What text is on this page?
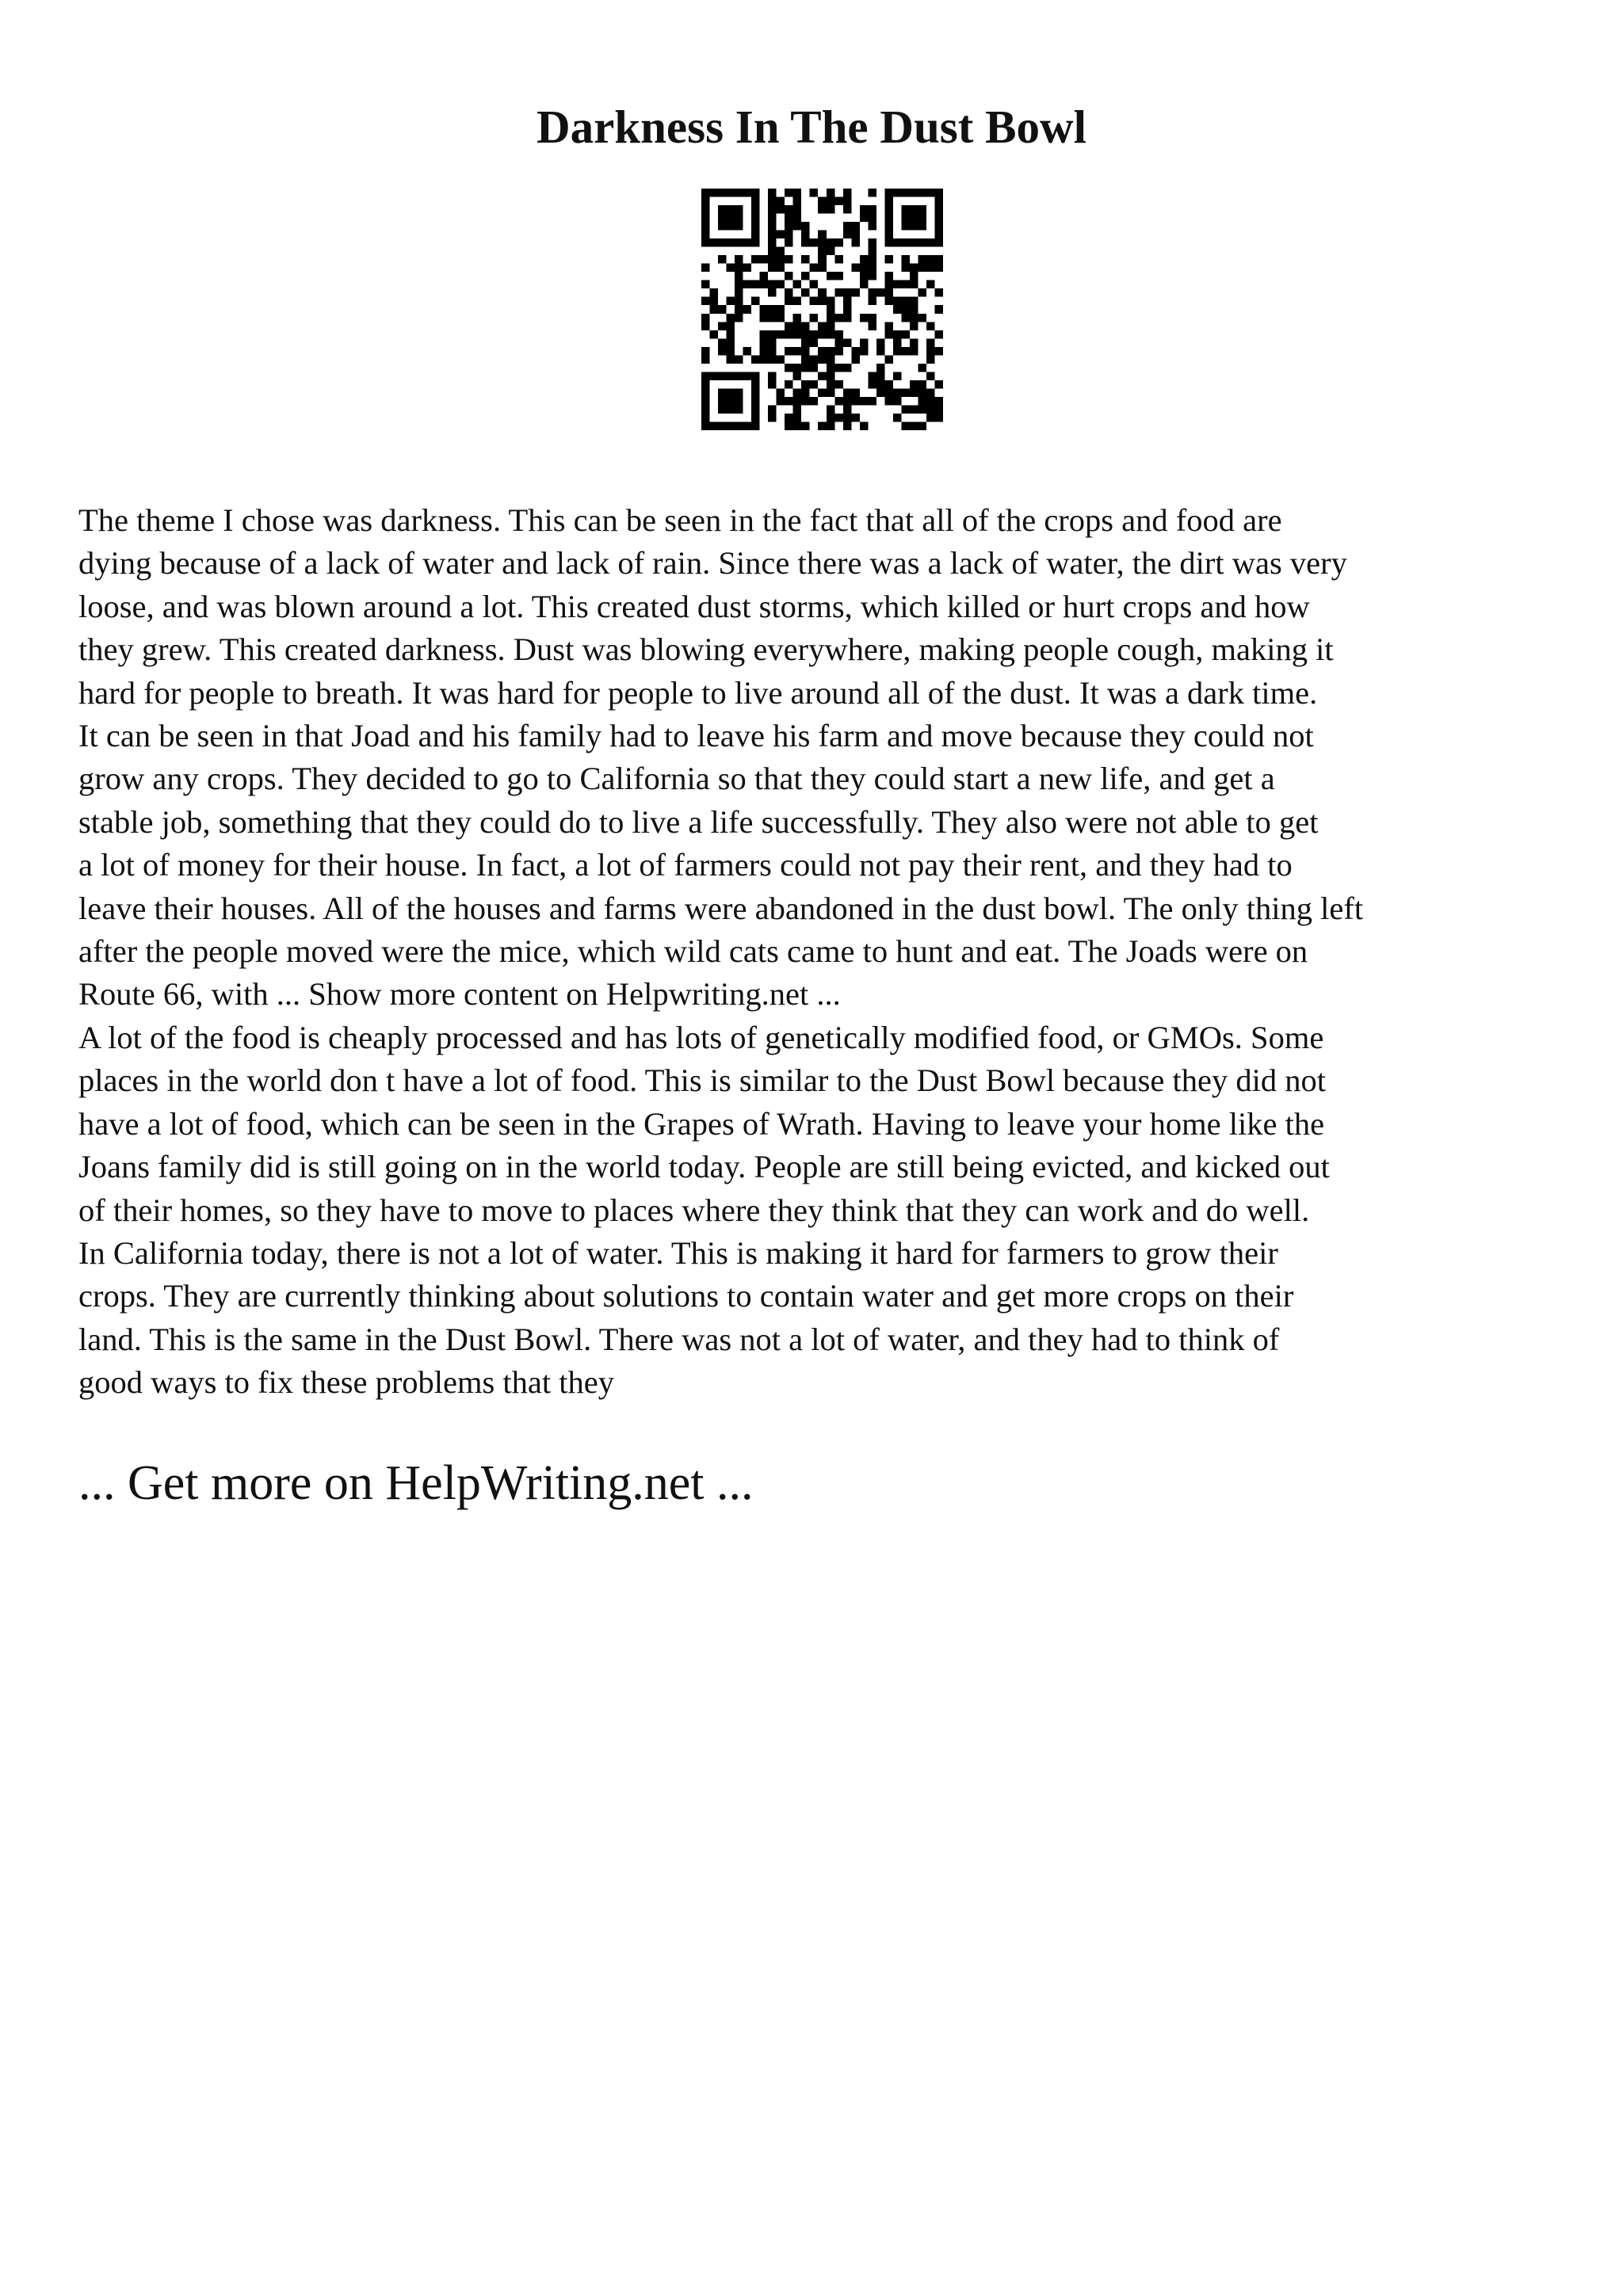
Darkness In The Dust Bowl
The theme I chose was darkness. This can be seen in the fact that all of the crops and food are
dying because of a lack of water and lack of rain. Since there was a lack of water, the dirt was very
loose, and was blown around a lot. This created dust storms, which killed or hurt crops and how
they grew. This created darkness. Dust was blowing everywhere, making people cough, making it
hard for people to breath. It was hard for people to live around all of the dust. It was a dark time.
It can be seen in that Joad and his family had to leave his farm and move because they could not
grow any crops. They decided to go to California so that they could start a new life, and get a
stable job, something that they could do to live a life successfully. They also were not able to get
a lot of money for their house. In fact, a lot of farmers could not pay their rent, and they had to
leave their houses. All of the houses and farms were abandoned in the dust bowl. The only thing left
after the people moved were the mice, which wild cats came to hunt and eat. The Joads were on
Route 66, with ... Show more content on Helpwriting.net ...
A lot of the food is cheaply processed and has lots of genetically modified food, or GMOs. Some
places in the world don t have a lot of food. This is similar to the Dust Bowl because they did not
have a lot of food, which can be seen in the Grapes of Wrath. Having to leave your home like the
Joans family did is still going on in the world today. People are still being evicted, and kicked out
of their homes, so they have to move to places where they think that they can work and do well.
In California today, there is not a lot of water. This is making it hard for farmers to grow their
crops. They are currently thinking about solutions to contain water and get more crops on their
land. This is the same in the Dust Bowl. There was not a lot of water, and they had to think of
good ways to fix these problems that they
... Get more on HelpWriting.net ...
